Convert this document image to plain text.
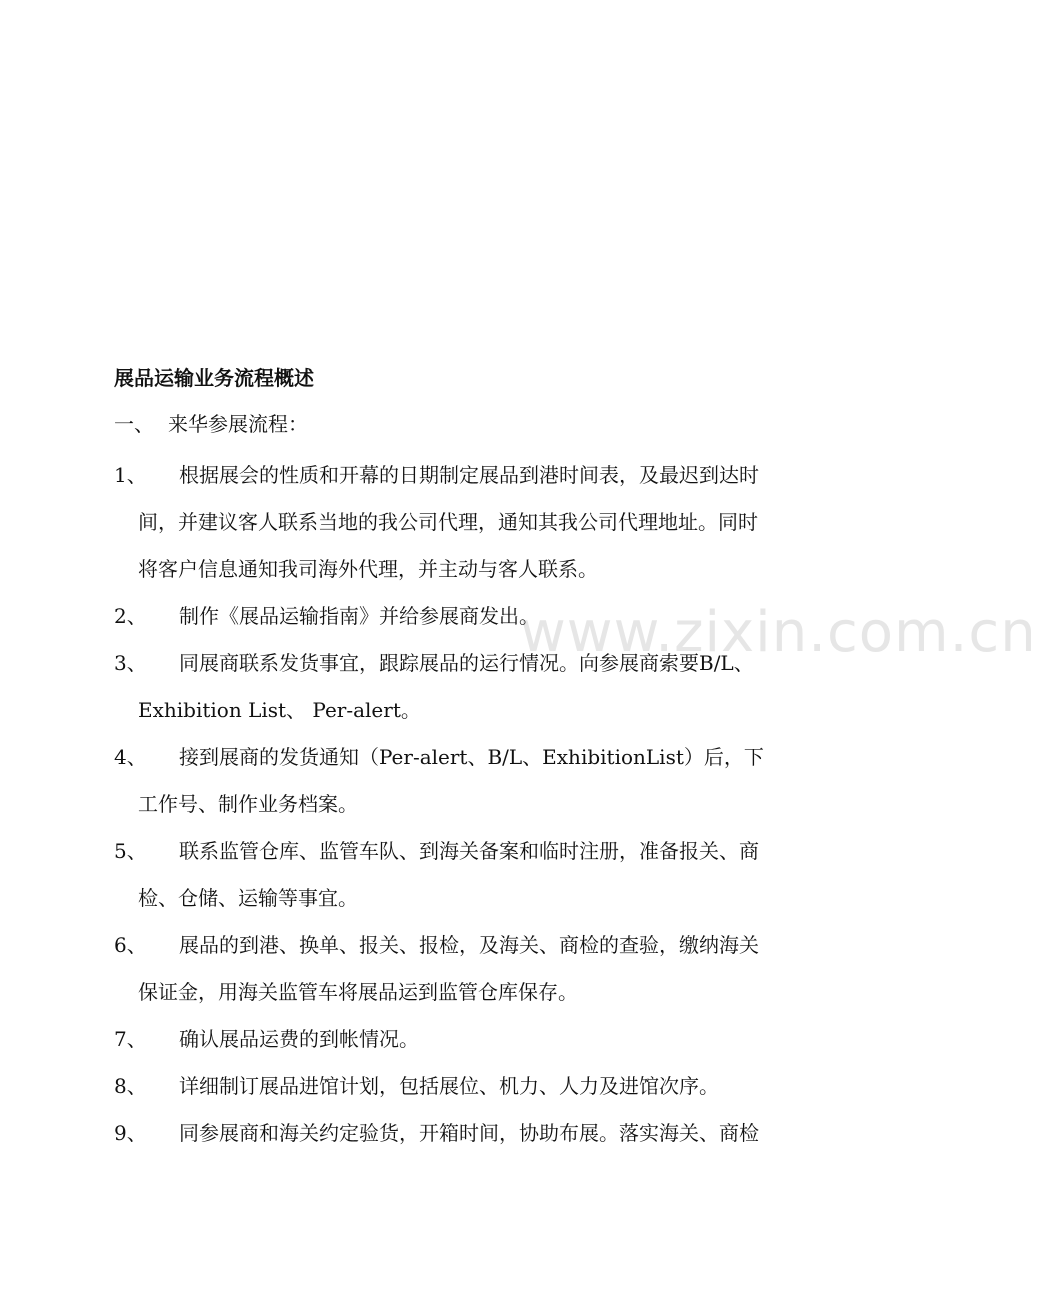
www.zixin.com.cn
展品运输业务流程概述
一、 来华参展流程：
1、 根据展会的性质和开幕的日期制定展品到港时间表，及最迟到达时
间，并建议客人联系当地的我公司代理，通知其我公司代理地址。同时
将客户信息通知我司海外代理，并主动与客人联系。
2、 制作《展品运输指南》并给参展商发出。
3、 同展商联系发货事宜，跟踪展品的运行情况。向参展商索要B/L、
Exhibition List、 Per-alert。
4、 接到展商的发货通知（Per-alert、B/L、ExhibitionList）后，下
工作号、制作业务档案。
5、 联系监管仓库、监管车队、到海关备案和临时注册，准备报关、商
检、仓储、运输等事宜。
6、 展品的到港、换单、报关、报检，及海关、商检的查验，缴纳海关
保证金，用海关监管车将展品运到监管仓库保存。
7、 确认展品运费的到帐情况。
8、 详细制订展品进馆计划，包括展位、机力、人力及进馆次序。
9、 同参展商和海关约定验货，开箱时间，协助布展。落实海关、商检
